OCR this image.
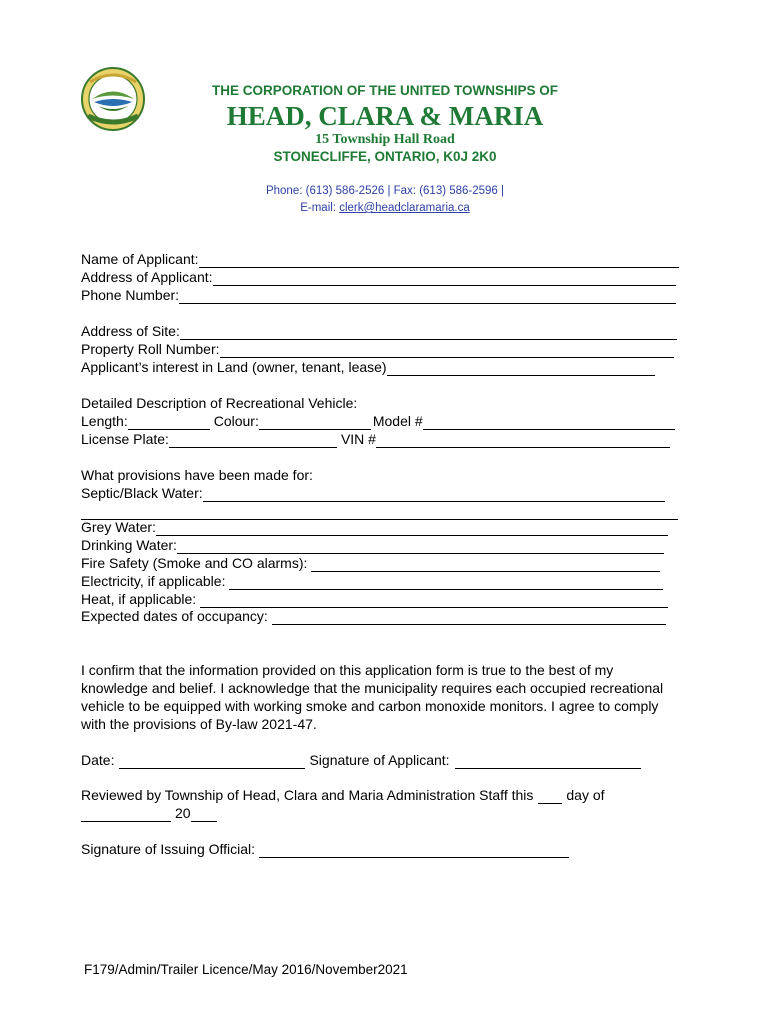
THE CORPORATION OF THE UNITED TOWNSHIPS OF
HEAD, CLARA & MARIA
15 Township Hall Road
STONECLIFFE, ONTARIO, K0J 2K0
Phone: (613) 586-2526 | Fax: (613) 586-2596 |
E-mail: clerk@headclaramaria.ca
Name of Applicant:
Address of Applicant:
Phone Number:
Address of Site:
Property Roll Number:
Applicant’s interest in Land (owner, tenant, lease)
Detailed Description of Recreational Vehicle:
Length:	Colour:	Model #
License Plate:	VIN #
What provisions have been made for:
Septic/Black Water:
Grey Water:
Drinking Water:
Fire Safety (Smoke and CO alarms):
Electricity, if applicable:
Heat, if applicable:
Expected dates of occupancy:
I confirm that the information provided on this application form is true to the best of my knowledge and belief. I acknowledge that the municipality requires each occupied recreational vehicle to be equipped with working smoke and carbon monoxide monitors. I agree to comply with the provisions of By-law 2021-47.
Date:	Signature of Applicant:
Reviewed by Township of Head, Clara and Maria Administration Staff this day of
20
Signature of Issuing Official:
F179/Admin/Trailer Licence/May 2016/November2021
